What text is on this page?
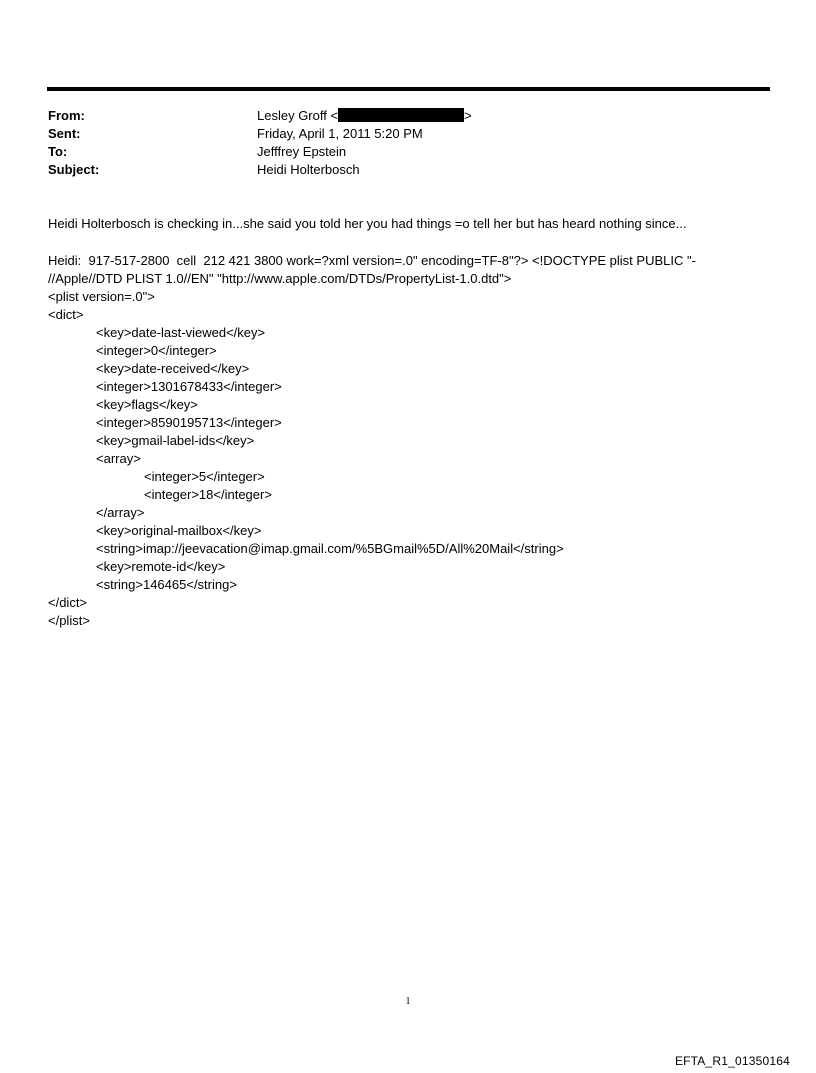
From:	Lesley Groff <	>
Sent:	Friday, April 1, 2011 5:20 PM
To:	Jefffrey Epstein
Subject:	Heidi Holterbosch
Heidi Holterbosch is checking in...she said you told her you had things =o tell her but has heard nothing since...
Heidi:  917-517-2800  cell  212 421 3800 work=?xml version=.0" encoding=TF-8"?> <!DOCTYPE plist PUBLIC "-
//Apple//DTD PLIST 1.0//EN" "http://www.apple.com/DTDs/PropertyList-1.0.dtd">
<plist version=.0">
<dict>
<key>date-last-viewed</key>
<integer>0</integer>
<key>date-received</key>
<integer>1301678433</integer>
<key>flags</key>
<integer>8590195713</integer>
<key>gmail-label-ids</key>
<array>
<integer>5</integer>
<integer>18</integer>
</array>
<key>original-mailbox</key>
<string>imap://jeevacation@imap.gmail.com/%5BGmail%5D/All%20Mail</string>
<key>remote-id</key>
<string>146465</string>
</dict>
</plist>
1
EFTA_R1_01350164
